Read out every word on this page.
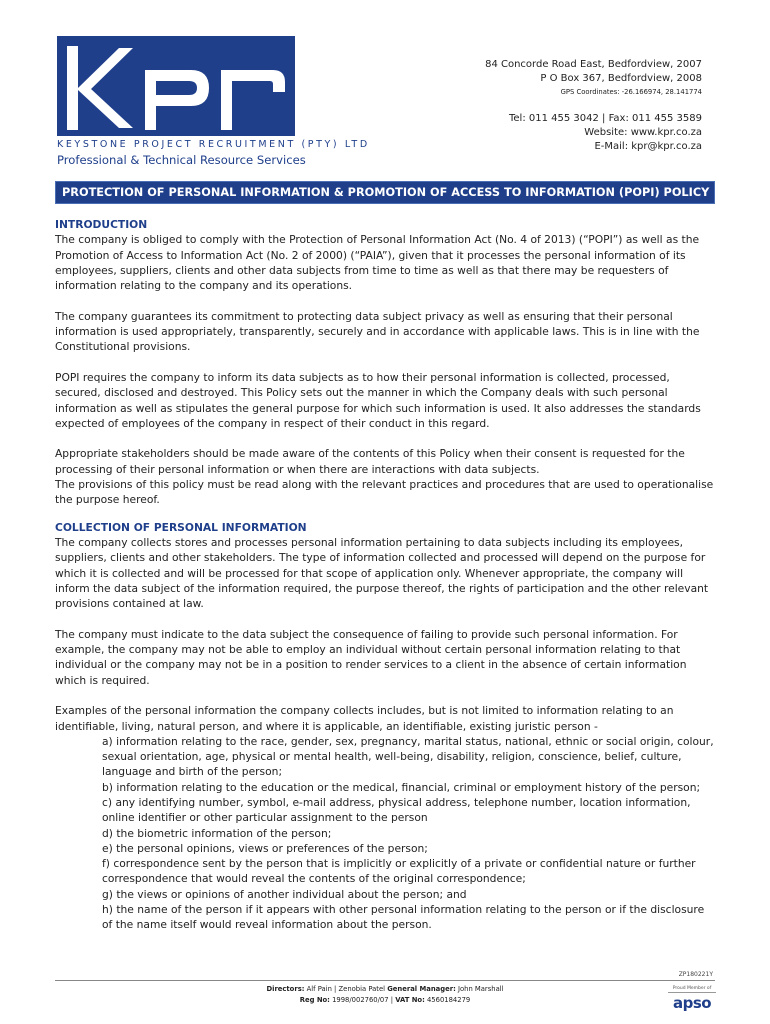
KEYSTONE PROJECT RECRUITMENT (PTY) LTD
Professional & Technical Resource Services
84 Concorde Road East, Bedfordview, 2007
P O Box 367, Bedfordview, 2008
GPS Coordinates: -26.166974, 28.141774
Tel: 011 455 3042 | Fax: 011 455 3589
Website: www.kpr.co.za
E-Mail: kpr@kpr.co.za
PROTECTION OF PERSONAL INFORMATION & PROMOTION OF ACCESS TO INFORMATION (POPI) POLICY
INTRODUCTION

The company is obliged to comply with the Protection of Personal Information Act (No. 4 of 2013) (“POPI”) as well as the Promotion of Access to Information Act (No. 2 of 2000) (“PAIA”), given that it processes the personal information of its employees, suppliers, clients and other data subjects from time to time as well as that there may be requesters of information relating to the company and its operations.

The company guarantees its commitment to protecting data subject privacy as well as ensuring that their personal information is used appropriately, transparently, securely and in accordance with applicable laws. This is in line with the Constitutional provisions.

POPI requires the company to inform its data subjects as to how their personal information is collected, processed, secured, disclosed and destroyed. This Policy sets out the manner in which the Company deals with such personal information as well as stipulates the general purpose for which such information is used. It also addresses the standards expected of employees of the company in respect of their conduct in this regard.

Appropriate stakeholders should be made aware of the contents of this Policy when their consent is requested for the processing of their personal information or when there are interactions with data subjects.

The provisions of this policy must be read along with the relevant practices and procedures that are used to operationalise the purpose hereof.

COLLECTION OF PERSONAL INFORMATION

The company collects stores and processes personal information pertaining to data subjects including its employees, suppliers, clients and other stakeholders. The type of information collected and processed will depend on the purpose for which it is collected and will be processed for that scope of application only. Whenever appropriate, the company will inform the data subject of the information required, the purpose thereof, the rights of participation and the other relevant provisions contained at law.

The company must indicate to the data subject the consequence of failing to provide such personal information. For example, the company may not be able to employ an individual without certain personal information relating to that individual or the company may not be in a position to render services to a client in the absence of certain information which is required.

Examples of the personal information the company collects includes, but is not limited to information relating to an identifiable, living, natural person, and where it is applicable, an identifiable, existing juristic person -

a) information relating to the race, gender, sex, pregnancy, marital status, national, ethnic or social origin, colour, sexual orientation, age, physical or mental health, well-being, disability, religion, conscience, belief, culture, language and birth of the person;
b) information relating to the education or the medical, financial, criminal or employment history of the person;
c) any identifying number, symbol, e-mail address, physical address, telephone number, location information, online identifier or other particular assignment to the person
d) the biometric information of the person;
e) the personal opinions, views or preferences of the person;
f) correspondence sent by the person that is implicitly or explicitly of a private or confidential nature or further correspondence that would reveal the contents of the original correspondence;
g) the views or opinions of another individual about the person; and
h) the name of the person if it appears with other personal information relating to the person or if the disclosure of the name itself would reveal information about the person.
ZP180221Y
Directors: Alf Pain | Zenobia Patel General Manager: John Marshall
Reg No: 1998/002760/07 | VAT No: 4560184279
Proud Member of
apso
